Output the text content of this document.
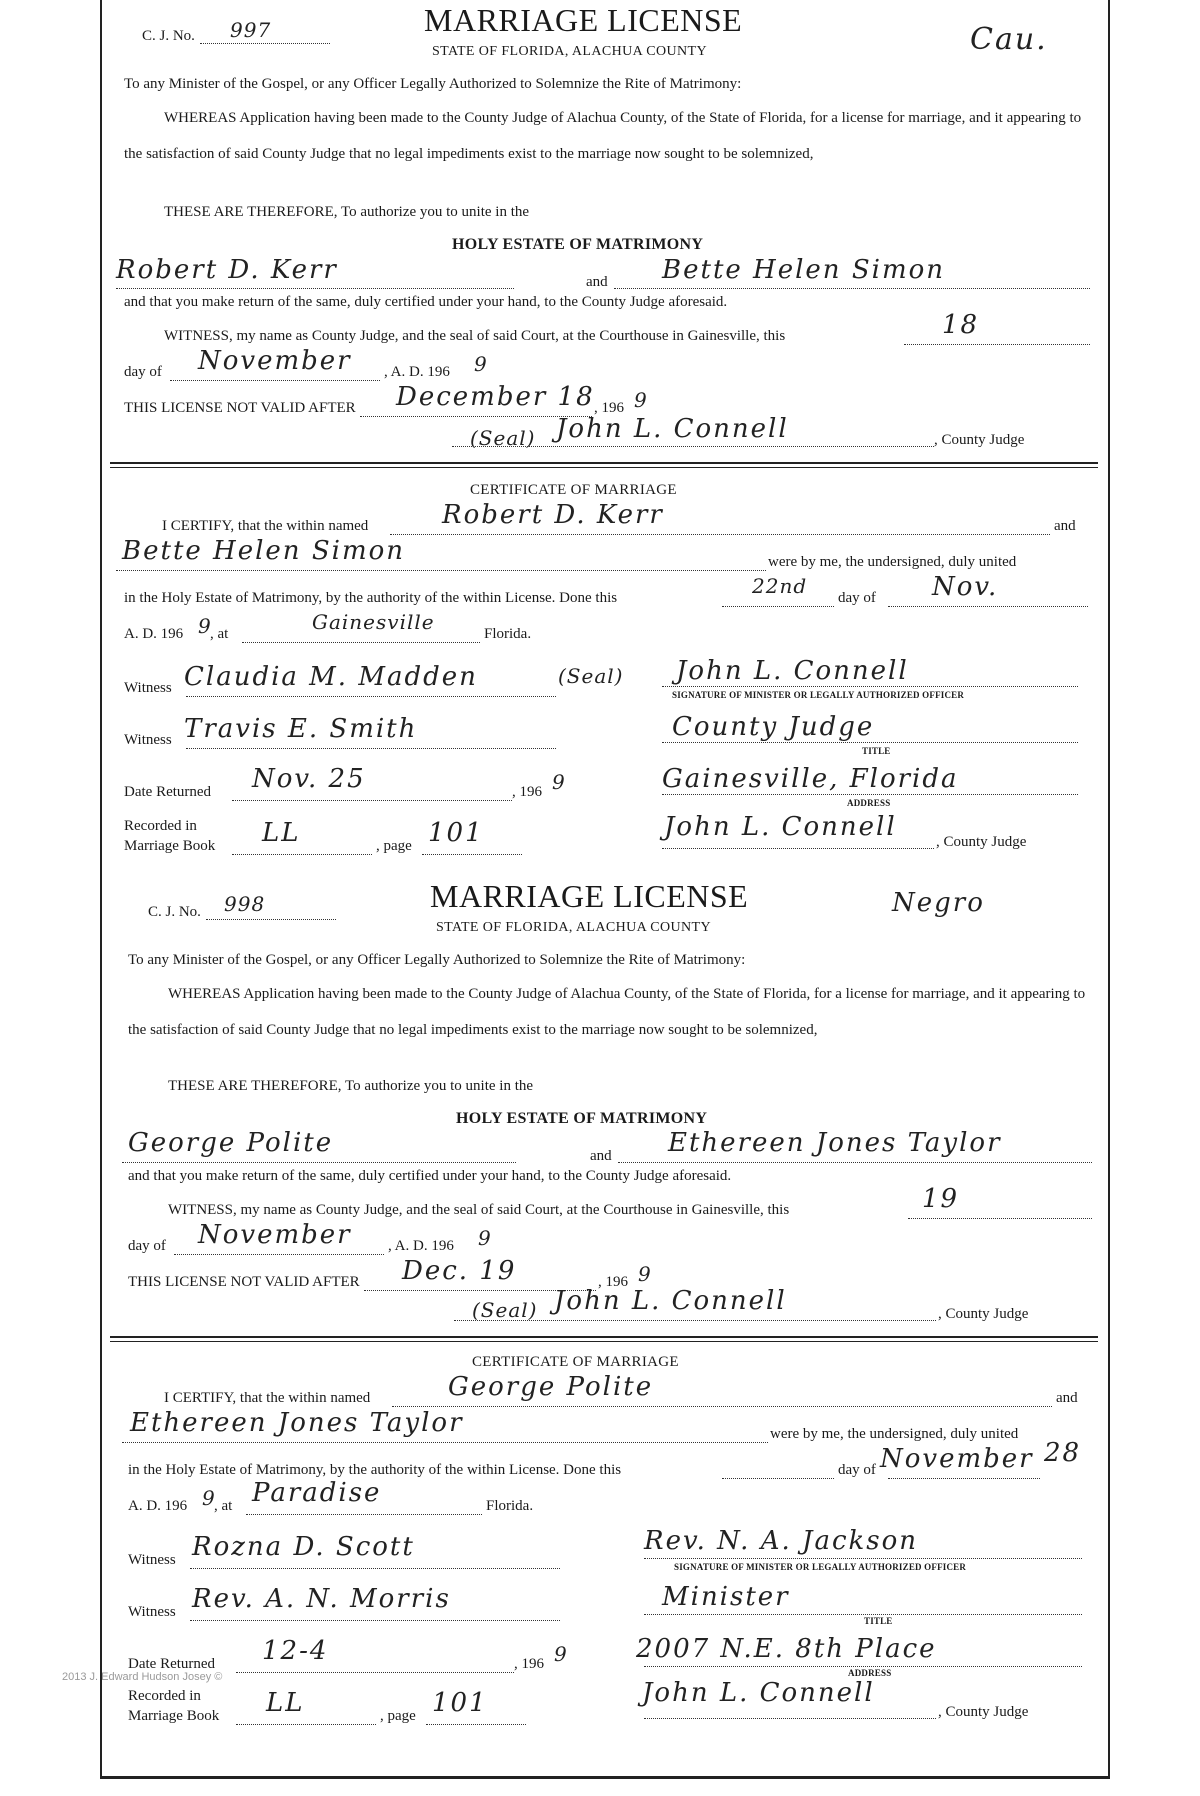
C. J. No. 997	MARRIAGE LICENSE
STATE OF FLORIDA, ALACHUA COUNTY	Cau.
To any Minister of the Gospel, or any Officer Legally Authorized to Solemnize the Rite of Matrimony:
WHEREAS Application having been made to the County Judge of Alachua County, of the State of Florida, for a license for marriage, and it appearing to the satisfaction of said County Judge that no legal impediments exist to the marriage now sought to be solemnized,
THESE ARE THEREFORE, To authorize you to unite in the
HOLY ESTATE OF MATRIMONY
Robert D. Kerr	and Bette Helen Simon
and that you make return of the same, duly certified under your hand, to the County Judge aforesaid.
WITNESS, my name as County Judge, and the seal of said Court, at the Courthouse in Gainesville, this	18
day of November , A. D. 196 9
THIS LICENSE NOT VALID AFTER December 18 , 196 9
(Seal) John L. Connell	, County Judge
CERTIFICATE OF MARRIAGE
I CERTIFY, that the within named	Robert D. Kerr	and
Bette Helen Simon	were by me, the undersigned, duly united
in the Holy Estate of Matrimony, by the authority of the within License. Done this	22nd day of Nov.
A. D. 196 9
, at	Gainesville	Florida.
Witness Claudia M. Madden	(Seal) John L. Connell
SIGNATURE OF MINISTER OR LEGALLY AUTHORIZED OFFICER
Witness Travis E. Smith	County Judge
TITLE
Date Returned Nov. 25	, 196 9	Gainesville, Florida
ADDRESS
Recorded in
Marriage Book LL	, page 101	John L. Connell	, County Judge
C. J. No. 998	MARRIAGE LICENSE
STATE OF FLORIDA, ALACHUA COUNTY
Negro
To any Minister of the Gospel, or any Officer Legally Authorized to Solemnize the Rite of Matrimony:
WHEREAS Application having been made to the County Judge of Alachua County, of the State of Florida, for a license for marriage, and it appearing to the satisfaction of said County Judge that no legal impediments exist to the marriage now sought to be solemnized,
THESE ARE THEREFORE, To authorize you to unite in the
HOLY ESTATE OF MATRIMONY
George Polite	and Ethereen Jones Taylor
and that you make return of the same, duly certified under your hand, to the County Judge aforesaid.
WITNESS, my name as County Judge, and the seal of said Court, at the Courthouse in Gainesville, this	19
day of November , A. D. 196 9
THIS LICENSE NOT VALID AFTER Dec. 19	, 196 9
(Seal) John L. Connell	, County Judge
CERTIFICATE OF MARRIAGE
I CERTIFY, that the within named	George Polite	and
Ethereen Jones Taylor	were by me, the undersigned, duly united
in the Holy Estate of Matrimony, by the authority of the within License. Done this	day of November 28
A. D. 196 9
, at Paradise	Florida.
Witness Rozna D. Scott	Rev. N. A. Jackson
SIGNATURE OF MINISTER OR LEGALLY AUTHORIZED OFFICER
Witness Rev. A. N. Morris	Minister
TITLE
Date Returned 12-4	, 196 9	2007 N.E. 8th Place
ADDRESS
Recorded in
Marriage Book LL	, page 101	John L. Connell
, County Judge
2013 J. Edward Hudson Josey ©
